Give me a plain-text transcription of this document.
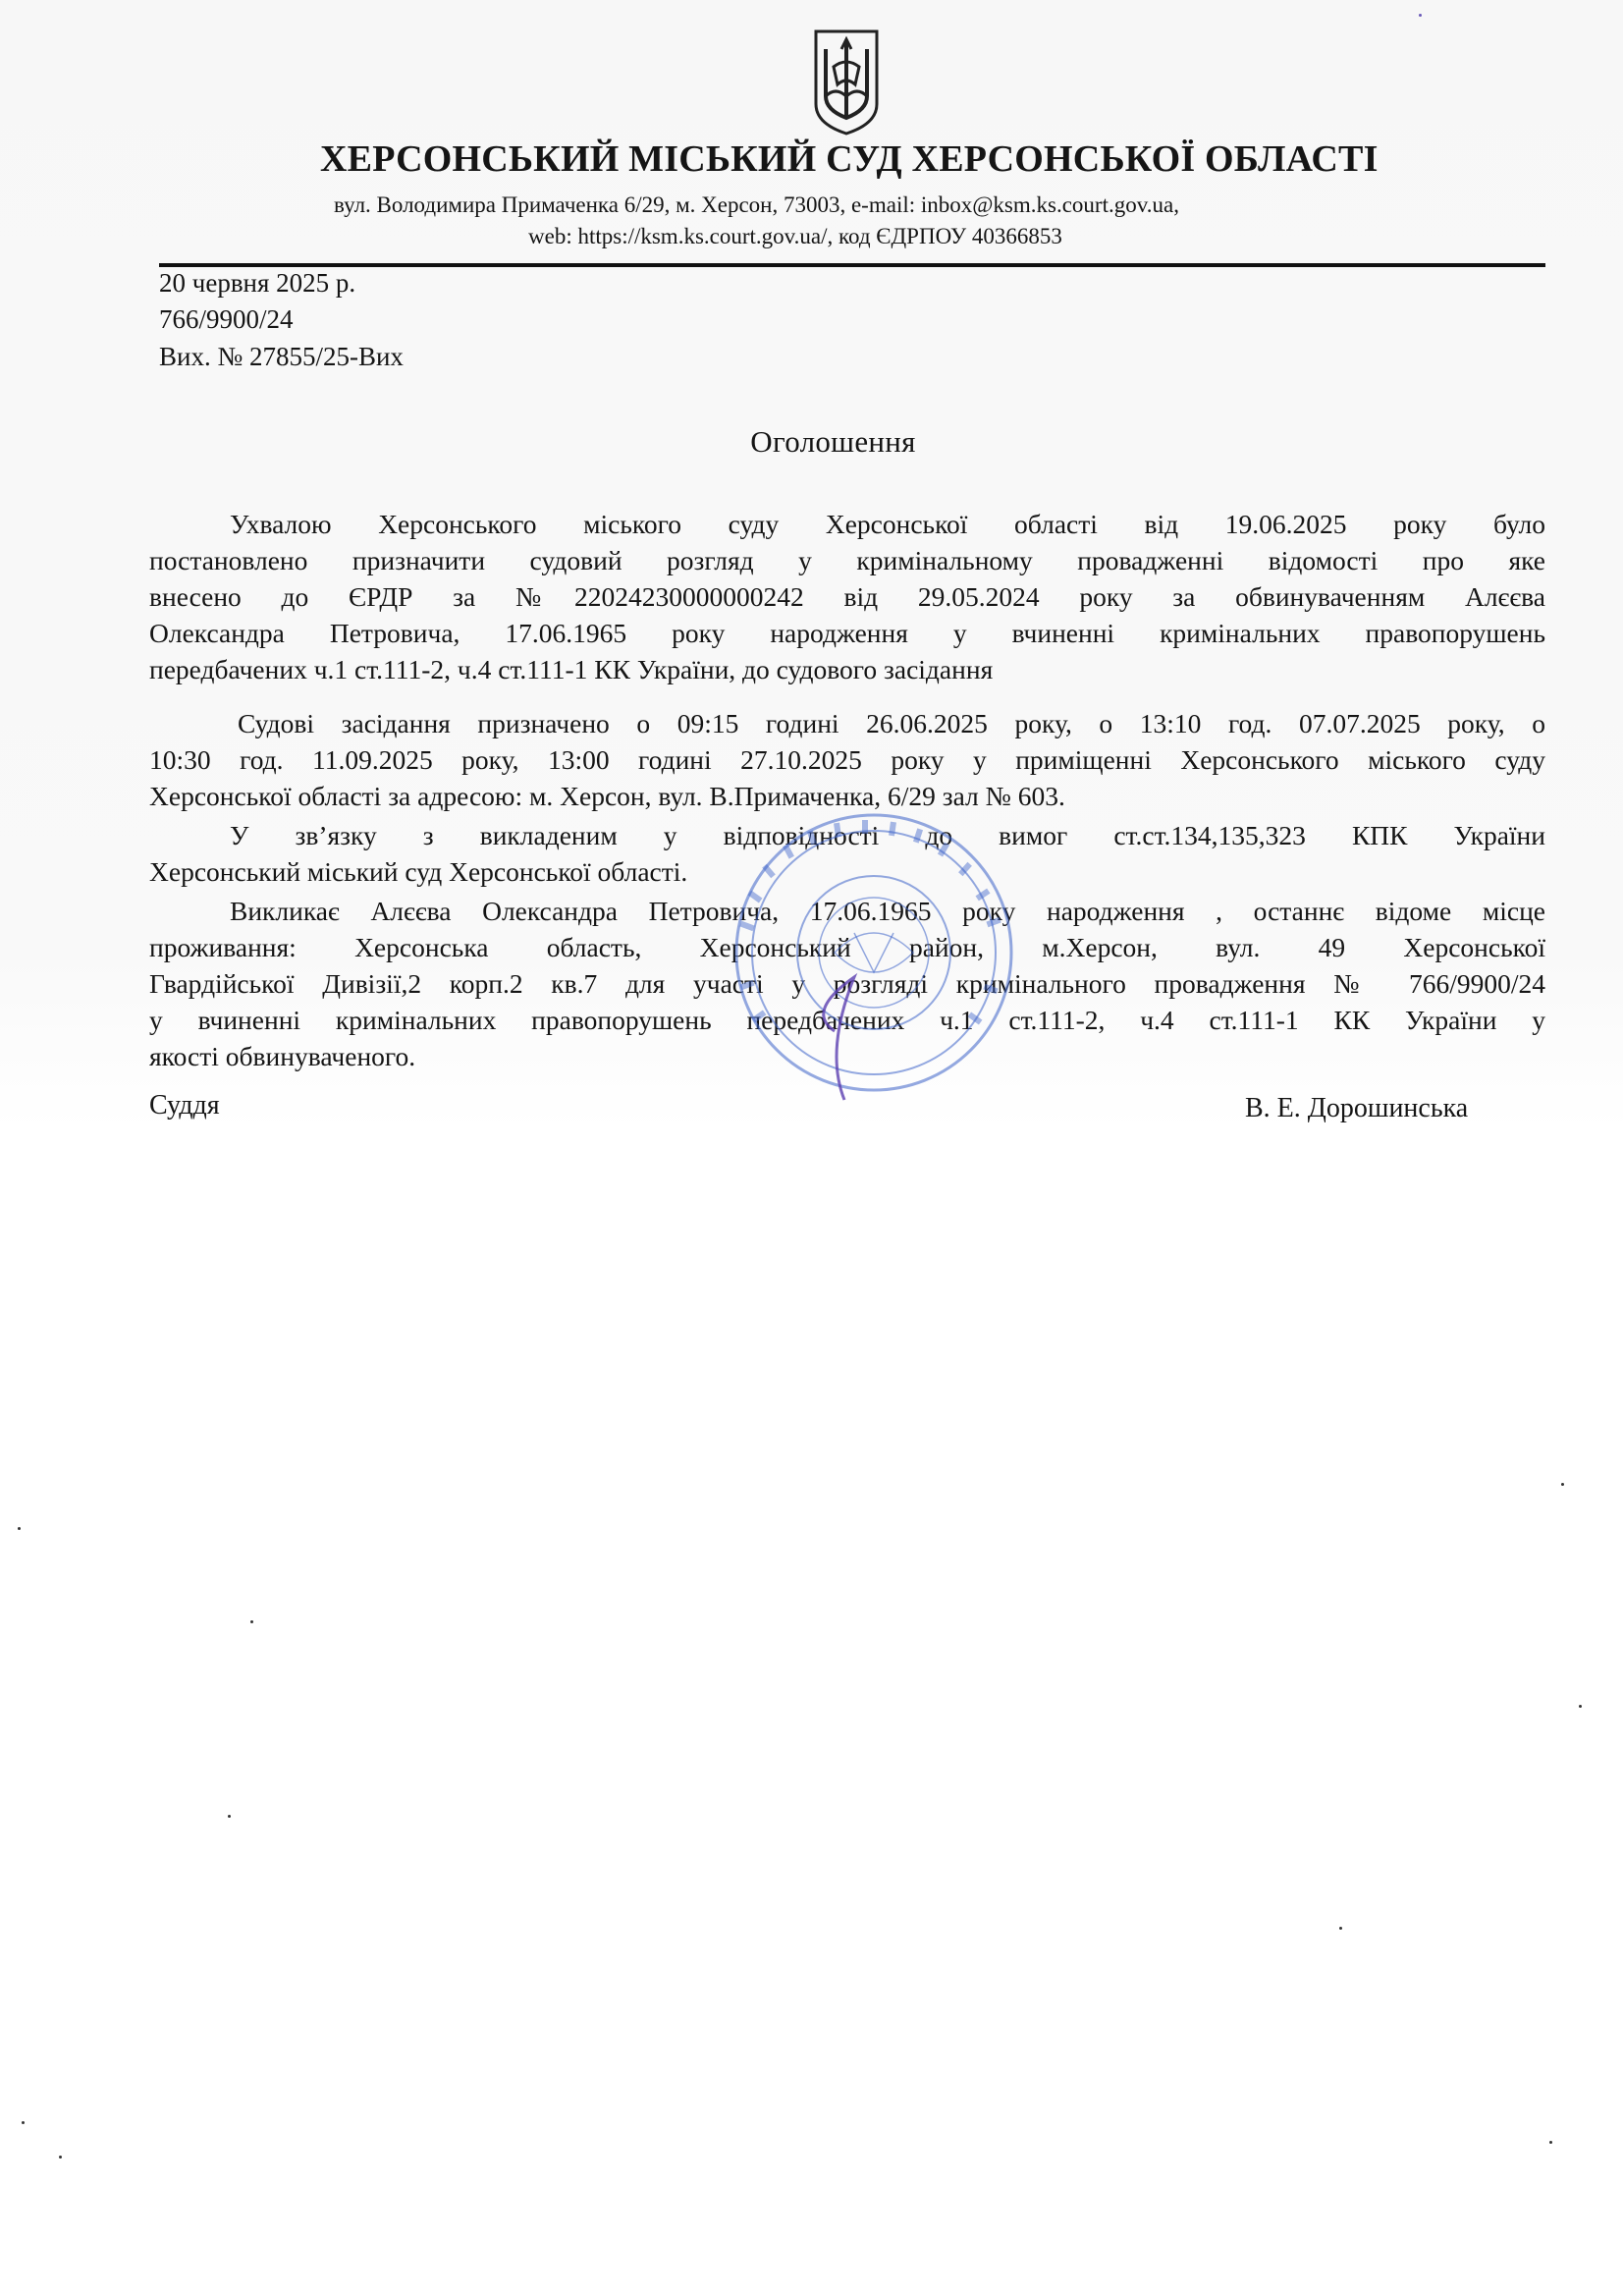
ХЕРСОНСЬКИЙ МІСЬКИЙ СУД ХЕРСОНСЬКОЇ ОБЛАСТІ
вул. Володимира Примаченка 6/29, м. Херсон, 73003, e-mail: inbox@ksm.ks.court.gov.ua,
web: https://ksm.ks.court.gov.ua/, код ЄДРПОУ 40366853
20 червня 2025 р.
766/9900/24
Вих. № 27855/25-Вих
Оголошення
Ухвалою Херсонського міського суду Херсонської області від 19.06.2025 року було
постановлено призначити судовий розгляд у кримінальному провадженні відомості про яке
внесено до ЄРДР за №22024230000000242 від 29.05.2024 року за обвинуваченням Алєєва
Олександра Петровича, 17.06.1965 року народження у вчиненні кримінальних правопорушень
передбачених ч.1 ст.111-2, ч.4 ст.111-1 КК України, до судового засідання
Судові засідання призначено о 09:15 годині 26.06.2025 року, о 13:10 год. 07.07.2025 року, о
10:30 год. 11.09.2025 року, 13:00 годині 27.10.2025 року у приміщенні Херсонського міського суду
Херсонської області за адресою: м. Херсон, вул. В.Примаченка, 6/29 зал № 603.
У зв’язку з викладеним у відповідності до вимог ст.ст.134,135,323 КПК України
Херсонський міський суд Херсонської області.
Викликає Алєєва Олександра Петровича, 17.06.1965 року народження , останнє відоме місце
проживання: Херсонська область, Херсонський район, м.Херсон, вул. 49 Херсонської
Гвардійської Дивізії,2 корп.2 кв.7 для участі у розгляді кримінального провадження № 766/9900/24
у вчиненні кримінальних правопорушень передбачених ч.1 ст.111-2, ч.4 ст.111-1 КК України у
якості обвинуваченого.
Суддя	В. Е. Дорошинська
